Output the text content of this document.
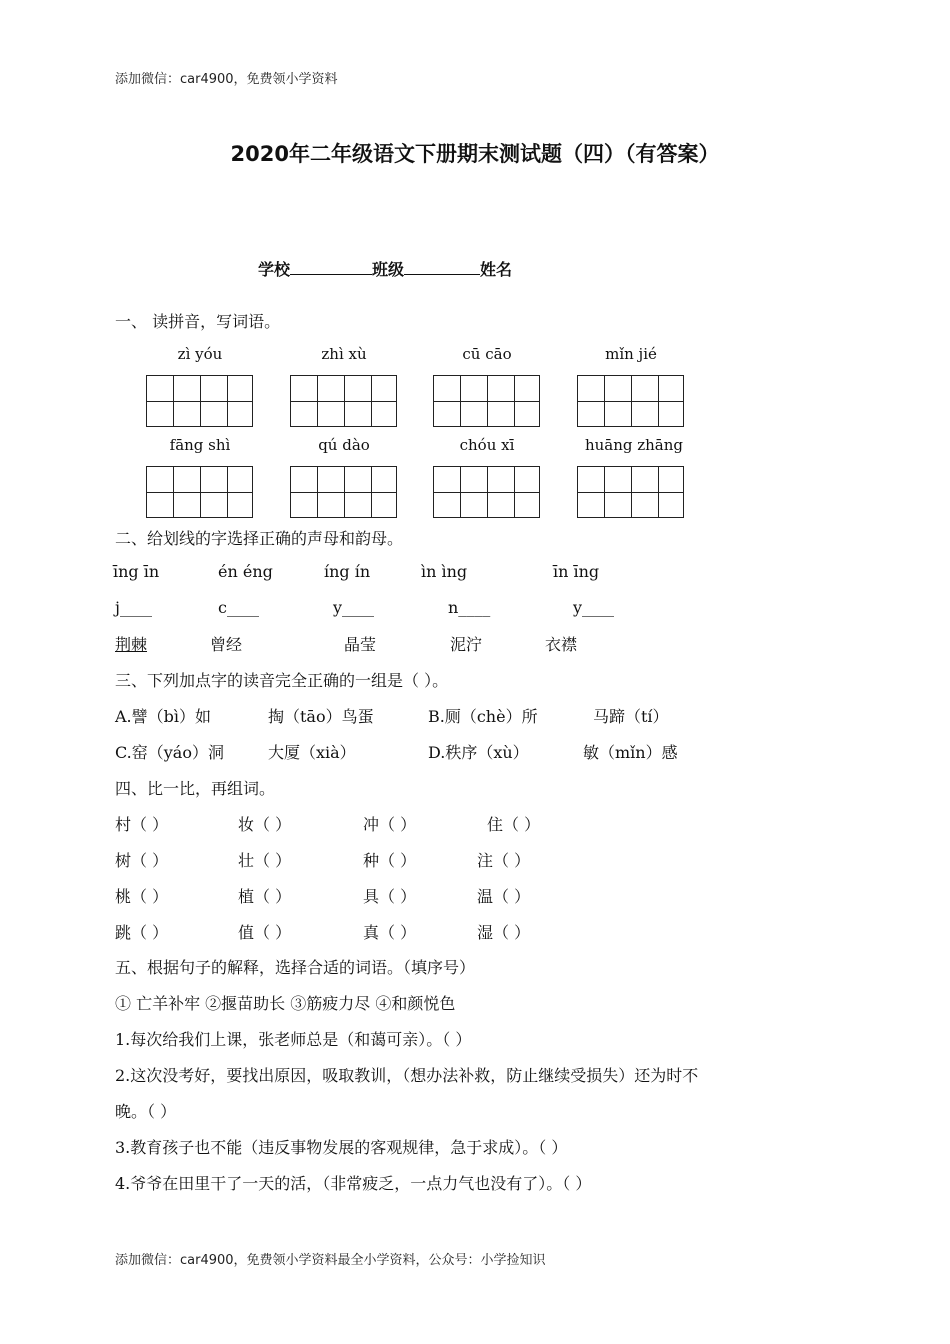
添加微信：car4900，免费领小学资料
2020年二年级语文下册期末测试题（四）（有答案）
学校	班级	姓名
一、 读拼音，写词语。
zì yóu	zhì xù	cū cāo	mǐn jié
fāng shì	qú dào	chóu xī	huāng zhāng
二、给划线的字选择正确的声母和韵母。
īng īn	én éng	íng ín	ìn ìng	īn īng
j____	c____	y____	n____	y____
荆棘	曾经	晶莹	泥泞	衣襟
三、下列加点字的读音完全正确的一组是（ ）。
A.譬（bì）如	掏（tāo）鸟蛋	B.厕（chè）所	马蹄（tí）
C.窑（yáo）洞	大厦（xià）	D.秩序（xù）	敏（mǐn）感
四、比一比，再组词。
村（ ）	妆（ ）	冲（ ）	住（ ）
树（ ）	壮（ ）	种（ ）	注（ ）
桃（ ）	植（ ）	具（ ）	温（ ）
跳（ ）	值（ ）	真（ ）	湿（ ）
五、根据句子的解释，选择合适的词语。（填序号）
① 亡羊补牢 ②揠苗助长 ③筋疲力尽 ④和颜悦色
1.每次给我们上课，张老师总是（和蔼可亲）。（ ）
2.这次没考好，要找出原因，吸取教训，（想办法补救，防止继续受损失）还为时不
晚。（ ）
3.教育孩子也不能（违反事物发展的客观规律，急于求成）。（ ）
4.爷爷在田里干了一天的活，（非常疲乏，一点力气也没有了）。（ ）
添加微信：car4900，免费领小学资料最全小学资料，公众号：小学捡知识
